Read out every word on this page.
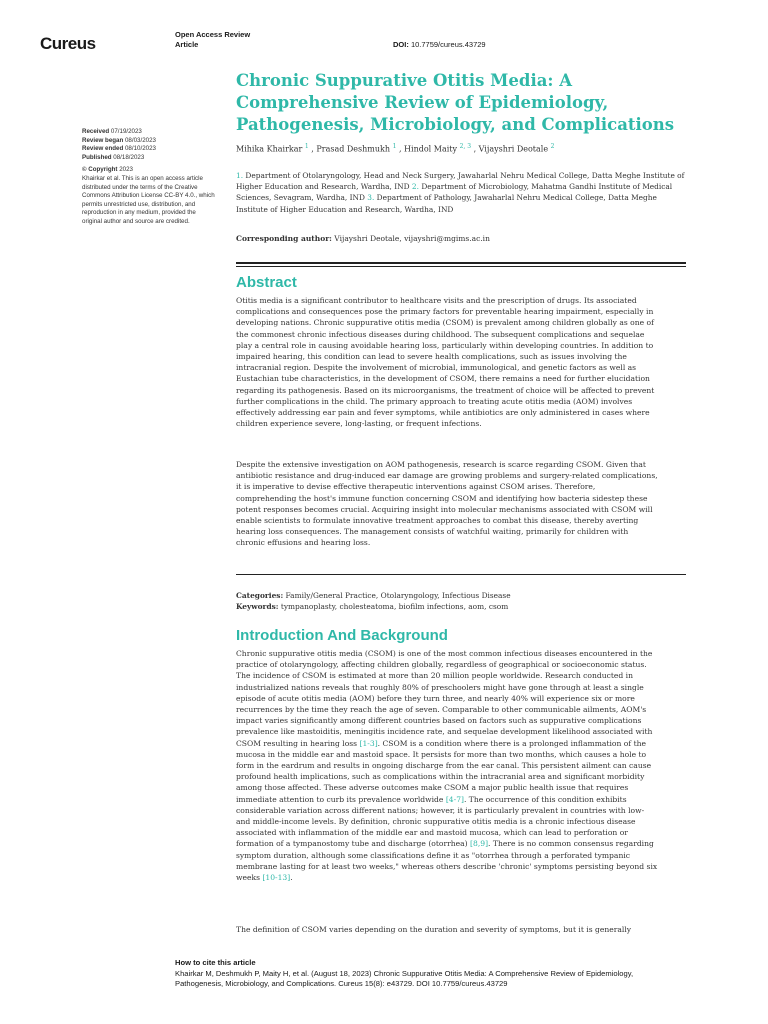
Cureus	Open Access Review
Article	DOI: 10.7759/cureus.43729
Chronic Suppurative Otitis Media: A
Comprehensive Review of Epidemiology,
Pathogenesis, Microbiology, and Complications
Mihika Khairkar $^1$ , Prasad Deshmukh $^1$ , Hindol Maity $^{2, 3}$ , Vijayshri Deotale $^2$
1. Department of Otolaryngology, Head and Neck Surgery, Jawaharlal Nehru Medical College, Datta Meghe Institute of Higher Education and Research, Wardha, IND 2. Department of Microbiology, Mahatma Gandhi Institute of Medical Sciences, Sevagram, Wardha, IND 3. Department of Pathology, Jawaharlal Nehru Medical College, Datta Meghe Institute of Higher Education and Research, Wardha, IND
Corresponding author: Vijayshri Deotale, vijayshri@mgims.ac.in
Received 07/19/2023
Review began 08/03/2023
Review ended 08/10/2023
Published 08/18/2023
© Copyright 2023
Khairkar et al. This is an open access article distributed under the terms of the Creative Commons Attribution License CC-BY 4.0., which permits unrestricted use, distribution, and reproduction in any medium, provided the original author and source are credited.
Abstract
Otitis media is a significant contributor to healthcare visits and the prescription of drugs. Its associated
complications and consequences pose the primary factors for preventable hearing impairment, especially in
developing nations. Chronic suppurative otitis media (CSOM) is prevalent among children globally as one of
the commonest chronic infectious diseases during childhood. The subsequent complications and sequelae
play a central role in causing avoidable hearing loss, particularly within developing countries. In addition to
impaired hearing, this condition can lead to severe health complications, such as issues involving the
intracranial region. Despite the involvement of microbial, immunological, and genetic factors as well as
Eustachian tube characteristics, in the development of CSOM, there remains a need for further elucidation
regarding its pathogenesis. Based on its microorganisms, the treatment of choice will be affected to prevent
further complications in the child. The primary approach to treating acute otitis media (AOM) involves
effectively addressing ear pain and fever symptoms, while antibiotics are only administered in cases where
children experience severe, long-lasting, or frequent infections.
Despite the extensive investigation on AOM pathogenesis, research is scarce regarding CSOM. Given that
antibiotic resistance and drug-induced ear damage are growing problems and surgery-related complications,
it is imperative to devise effective therapeutic interventions against CSOM arises. Therefore,
comprehending the host's immune function concerning CSOM and identifying how bacteria sidestep these
potent responses becomes crucial. Acquiring insight into molecular mechanisms associated with CSOM will
enable scientists to formulate innovative treatment approaches to combat this disease, thereby averting
hearing loss consequences. The management consists of watchful waiting, primarily for children with
chronic effusions and hearing loss.
Categories: Family/General Practice, Otolaryngology, Infectious Disease
Keywords: tympanoplasty, cholesteatoma, biofilm infections, aom, csom
Introduction And Background
Chronic suppurative otitis media (CSOM) is one of the most common infectious diseases encountered in the
practice of otolaryngology, affecting children globally, regardless of geographical or socioeconomic status.
The incidence of CSOM is estimated at more than 20 million people worldwide. Research conducted in
industrialized nations reveals that roughly 80% of preschoolers might have gone through at least a single
episode of acute otitis media (AOM) before they turn three, and nearly 40% will experience six or more
recurrences by the time they reach the age of seven. Comparable to other communicable ailments, AOM's
impact varies significantly among different countries based on factors such as suppurative complications
prevalence like mastoiditis, meningitis incidence rate, and sequelae development likelihood associated with
CSOM resulting in hearing loss [1-3]. CSOM is a condition where there is a prolonged inflammation of the
mucosa in the middle ear and mastoid space. It persists for more than two months, which causes a hole to
form in the eardrum and results in ongoing discharge from the ear canal. This persistent ailment can cause
profound health implications, such as complications within the intracranial area and significant morbidity
among those affected. These adverse outcomes make CSOM a major public health issue that requires
immediate attention to curb its prevalence worldwide [4-7]. The occurrence of this condition exhibits
considerable variation across different nations; however, it is particularly prevalent in countries with low-
and middle-income levels. By definition, chronic suppurative otitis media is a chronic infectious disease
associated with inflammation of the middle ear and mastoid mucosa, which can lead to perforation or
formation of a tympanostomy tube and discharge (otorrhea) [8,9]. There is no common consensus regarding
symptom duration, although some classifications define it as "otorrhea through a perforated tympanic
membrane lasting for at least two weeks," whereas others describe 'chronic' symptoms persisting beyond six
weeks [10-13].
The definition of CSOM varies depending on the duration and severity of symptoms, but it is generally
How to cite this article
Khairkar M, Deshmukh P, Maity H, et al. (August 18, 2023) Chronic Suppurative Otitis Media: A Comprehensive Review of Epidemiology,
Pathogenesis, Microbiology, and Complications. Cureus 15(8): e43729. DOI 10.7759/cureus.43729
